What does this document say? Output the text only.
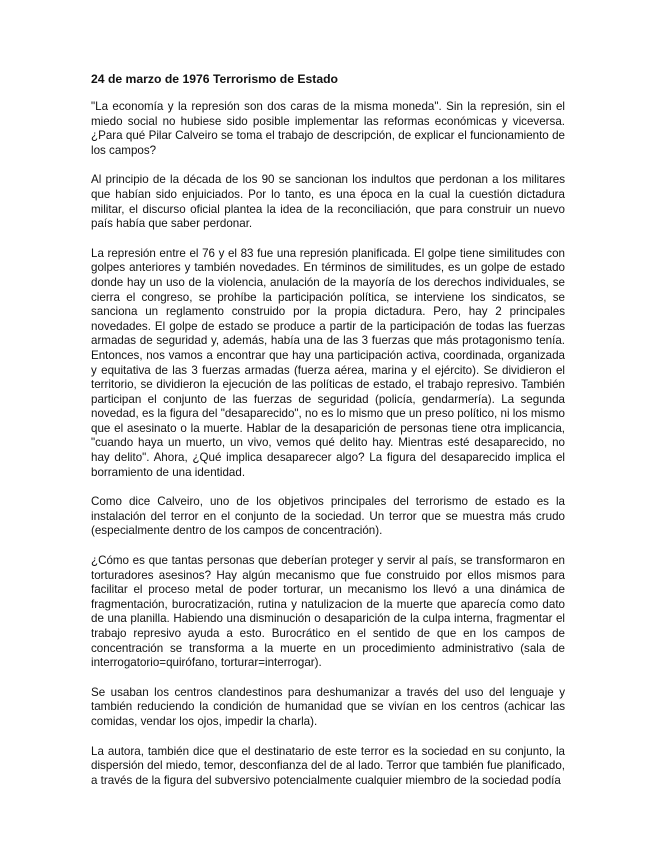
24 de marzo de 1976 Terrorismo de Estado

"La economía y la represión son dos caras de la misma moneda". Sin la represión, sin el miedo social no hubiese sido posible implementar las reformas económicas y viceversa. ¿Para qué Pilar Calveiro se toma el trabajo de descripción, de explicar el funcionamiento de los campos?

Al principio de la década de los 90 se sancionan los indultos que perdonan a los militares que habían sido enjuiciados. Por lo tanto, es una época en la cual la cuestión dictadura militar, el discurso oficial plantea la idea de la reconciliación, que para construir un nuevo país había que saber perdonar.

La represión entre el 76 y el 83 fue una represión planificada. El golpe tiene similitudes con golpes anteriores y también novedades. En términos de similitudes, es un golpe de estado donde hay un uso de la violencia, anulación de la mayoría de los derechos individuales, se cierra el congreso, se prohíbe la participación política, se interviene los sindicatos, se sanciona un reglamento construido por la propia dictadura. Pero, hay 2 principales novedades. El golpe de estado se produce a partir de la participación de todas las fuerzas armadas de seguridad y, además, había una de las 3 fuerzas que más protagonismo tenía. Entonces, nos vamos a encontrar que hay una participación activa, coordinada, organizada y equitativa de las 3 fuerzas armadas (fuerza aérea, marina y el ejército). Se dividieron el territorio, se dividieron la ejecución de las políticas de estado, el trabajo represivo. También participan el conjunto de las fuerzas de seguridad (policía, gendarmería). La segunda novedad, es la figura del "desaparecido", no es lo mismo que un preso político, ni los mismo que el asesinato o la muerte. Hablar de la desaparición de personas tiene otra implicancia, "cuando haya un muerto, un vivo, vemos qué delito hay. Mientras esté desaparecido, no hay delito". Ahora, ¿Qué implica desaparecer algo? La figura del desaparecido implica el borramiento de una identidad.

Como dice Calveiro, uno de los objetivos principales del terrorismo de estado es la instalación del terror en el conjunto de la sociedad. Un terror que se muestra más crudo (especialmente dentro de los campos de concentración).

¿Cómo es que tantas personas que deberían proteger y servir al país, se transformaron en torturadores asesinos? Hay algún mecanismo que fue construido por ellos mismos para facilitar el proceso metal de poder torturar, un mecanismo los llevó a una dinámica de fragmentación, burocratización, rutina y natulizacion de la muerte que aparecía como dato de una planilla. Habiendo una disminución o desaparición de la culpa interna, fragmentar el trabajo represivo ayuda a esto. Burocrático en el sentido de que en los campos de concentración se transforma a la muerte en un procedimiento administrativo (sala de interrogatorio=quirófano, torturar=interrogar).

Se usaban los centros clandestinos para deshumanizar a través del uso del lenguaje y también reduciendo la condición de humanidad que se vivían en los centros (achicar las comidas, vendar los ojos, impedir la charla).

La autora, también dice que el destinatario de este terror es la sociedad en su conjunto, la dispersión del miedo, temor, desconfianza del de al lado. Terror que también fue planificado, a través de la figura del subversivo potencialmente cualquier miembro de la sociedad podía
